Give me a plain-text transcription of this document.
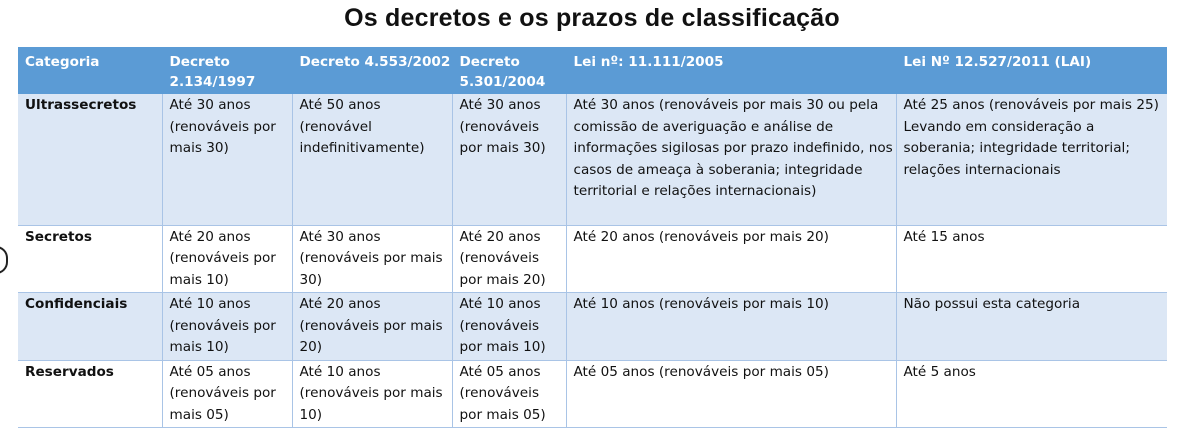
Os decretos e os prazos de classificação
Categoria	Decreto 2.134/1997	Decreto 4.553/2002	Decreto 5.301/2004	Lei nº: 11.111/2005	Lei Nº 12.527/2011 (LAI)
Ultrassecretos	Até 30 anos (renováveis por mais 30)	Até 50 anos (renovável indefinitivamente)	Até 30 anos (renováveis por mais 30)	Até 30 anos (renováveis por mais 30 ou pela comissão de averiguação e análise de informações sigilosas por prazo indefinido, nos casos de ameaça à soberania; integridade territorial e relações internacionais)	Até 25 anos (renováveis por mais 25) Levando em consideração a soberania; integridade territorial; relações internacionais
Secretos	Até 20 anos (renováveis por mais 10)	Até 30 anos (renováveis por mais 30)	Até 20 anos (renováveis por mais 20)	Até 20 anos (renováveis por mais 20)	Até 15 anos
Confidenciais	Até 10 anos (renováveis por mais 10)	Até 20 anos (renováveis por mais 20)	Até 10 anos (renováveis por mais 10)	Até 10 anos (renováveis por mais 10)	Não possui esta categoria
Reservados	Até 05 anos (renováveis por mais 05)	Até 10 anos (renováveis por mais 10)	Até 05 anos (renováveis por mais 05)	Até 05 anos (renováveis por mais 05)	Até 5 anos
